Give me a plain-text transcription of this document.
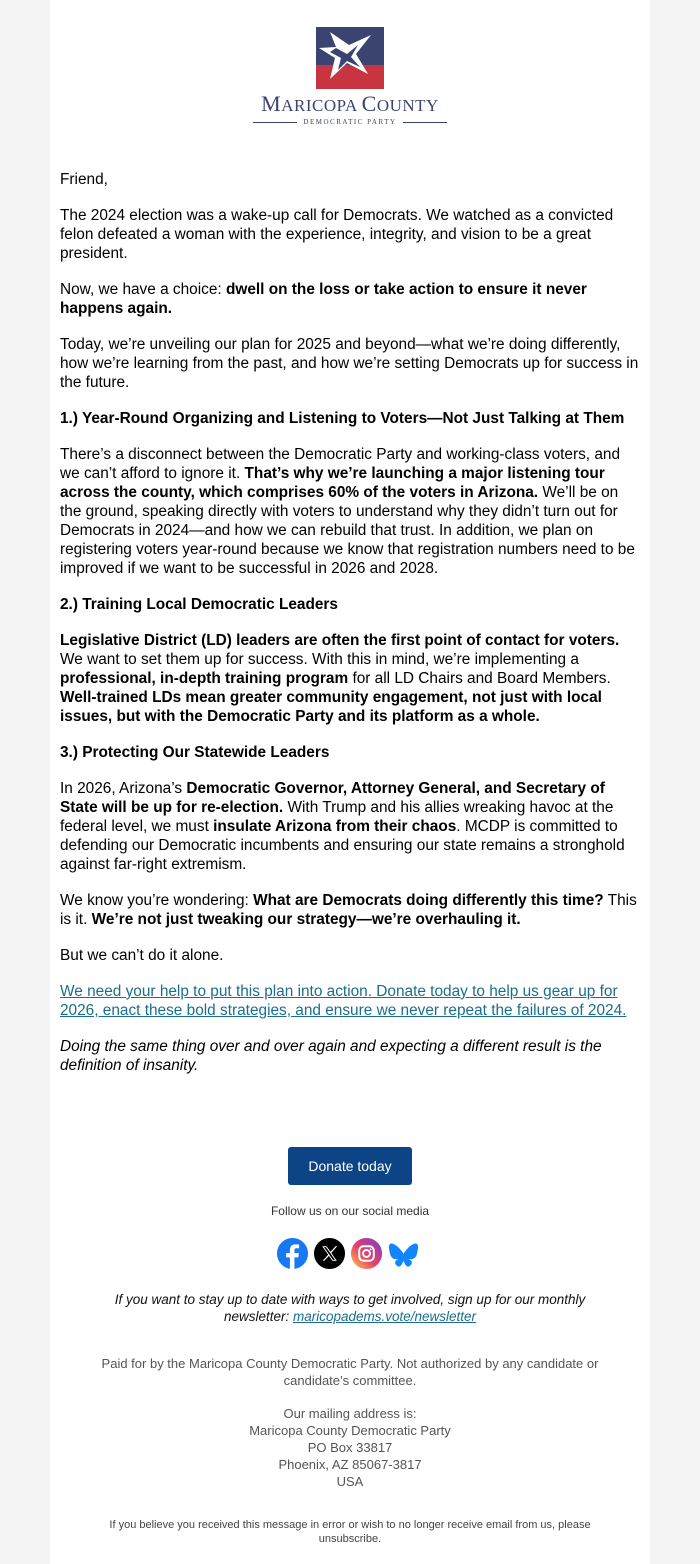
MARICOPA COUNTY
DEMOCRATIC PARTY

Friend,

The 2024 election was a wake-up call for Democrats. We watched as a convicted felon defeated a woman with the experience, integrity, and vision to be a great president.

Now, we have a choice: dwell on the loss or take action to ensure it never happens again.

Today, we’re unveiling our plan for 2025 and beyond—what we’re doing differently, how we’re learning from the past, and how we’re setting Democrats up for success in the future.

1.) Year-Round Organizing and Listening to Voters—Not Just Talking at Them

There’s a disconnect between the Democratic Party and working-class voters, and we can’t afford to ignore it. That’s why we’re launching a major listening tour across the county, which comprises 60% of the voters in Arizona. We’ll be on the ground, speaking directly with voters to understand why they didn’t turn out for Democrats in 2024—and how we can rebuild that trust. In addition, we plan on registering voters year-round because we know that registration numbers need to be improved if we want to be successful in 2026 and 2028.

2.) Training Local Democratic Leaders

Legislative District (LD) leaders are often the first point of contact for voters. We want to set them up for success. With this in mind, we’re implementing a professional, in-depth training program for all LD Chairs and Board Members. Well-trained LDs mean greater community engagement, not just with local issues, but with the Democratic Party and its platform as a whole.

3.) Protecting Our Statewide Leaders

In 2026, Arizona’s Democratic Governor, Attorney General, and Secretary of State will be up for re-election. With Trump and his allies wreaking havoc at the federal level, we must insulate Arizona from their chaos. MCDP is committed to defending our Democratic incumbents and ensuring our state remains a stronghold against far-right extremism.

We know you’re wondering: What are Democrats doing differently this time? This is it. We’re not just tweaking our strategy—we’re overhauling it.

But we can’t do it alone.

We need your help to put this plan into action. Donate today to help us gear up for 2026, enact these bold strategies, and ensure we never repeat the failures of 2024.

Doing the same thing over and over again and expecting a different result is the definition of insanity.

Donate today
Follow us on our social media
If you want to stay up to date with ways to get involved, sign up for our monthly newsletter: maricopadems.vote/newsletter
Paid for by the Maricopa County Democratic Party. Not authorized by any candidate or candidate’s committee.
Our mailing address is:
Maricopa County Democratic Party
PO Box 33817
Phoenix, AZ 85067-3817
USA
If you believe you received this message in error or wish to no longer receive email from us, please unsubscribe.
